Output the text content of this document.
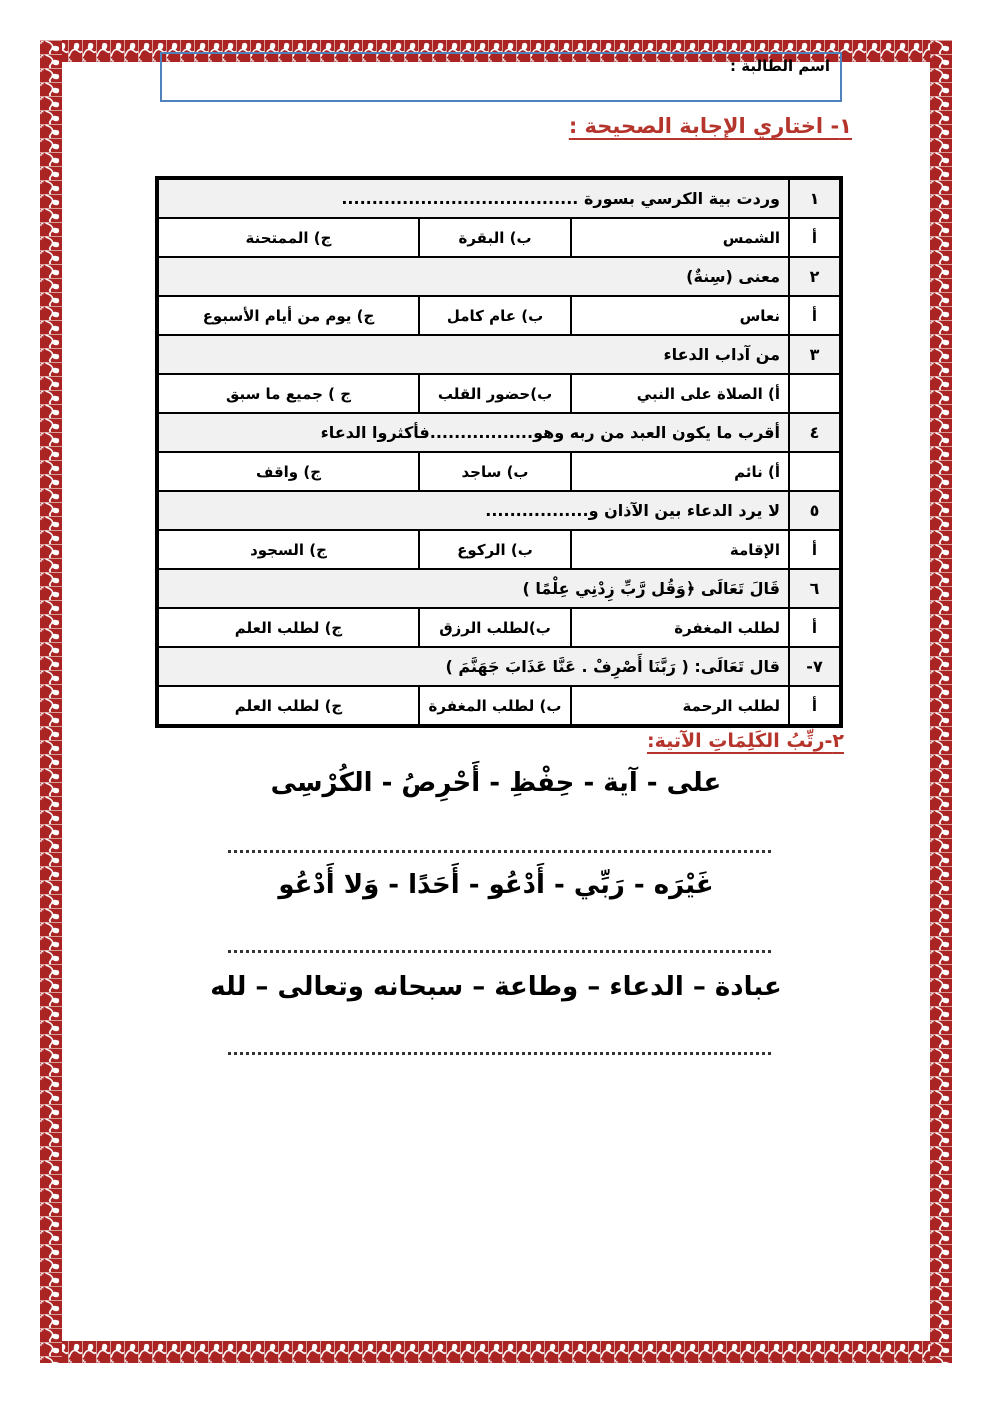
اسم الطالبة :
١- اختاري الإجابة الصحيحة :
١	وردت بية الكرسي بسورة .......................................		
أ	الشمس	ب) البقرة	ج) الممتحنة
٢	معنى (سِنةٌ)		
أ	نعاس	ب) عام كامل	ج) يوم من أيام الأسبوع
٣	من آداب الدعاء		
	أ) الصلاة على النبي	ب)حضور القلب	ج ) جميع ما سبق
٤	أقرب ما يكون العبد من ربه وهو.................فأكثروا الدعاء		
	أ) نائم	ب) ساجد	ج) واقف
٥	لا يرد الدعاء بين الآذان و.................		
أ	الإقامة	ب) الركوع	ج) السجود
٦	قَالَ تَعَالَى ﴿وَقُل رَّبِّ زِدْنِي عِلْمًا )		
أ	لطلب المغفرة	ب)لطلب الرزق	ج) لطلب العلم
٧-	قال تَعَالَى: ( رَبَّنَا أَصْرِفْ . عَنَّا عَذَابَ جَهَنَّمَ )		
أ	لطلب الرحمة	ب) لطلب المغفرة	ج) لطلب العلم
٢-رتِّبُ الكَلِمَاتِ الآتية:
على - آية - حِفْظِ - أَحْرِصُ - الكُرْسِى
غَيْرَه - رَبِّي - أَدْعُو - أَحَدًا - وَلا أَدْعُو
عبادة – الدعاء – وطاعة – سبحانه وتعالى – لله
